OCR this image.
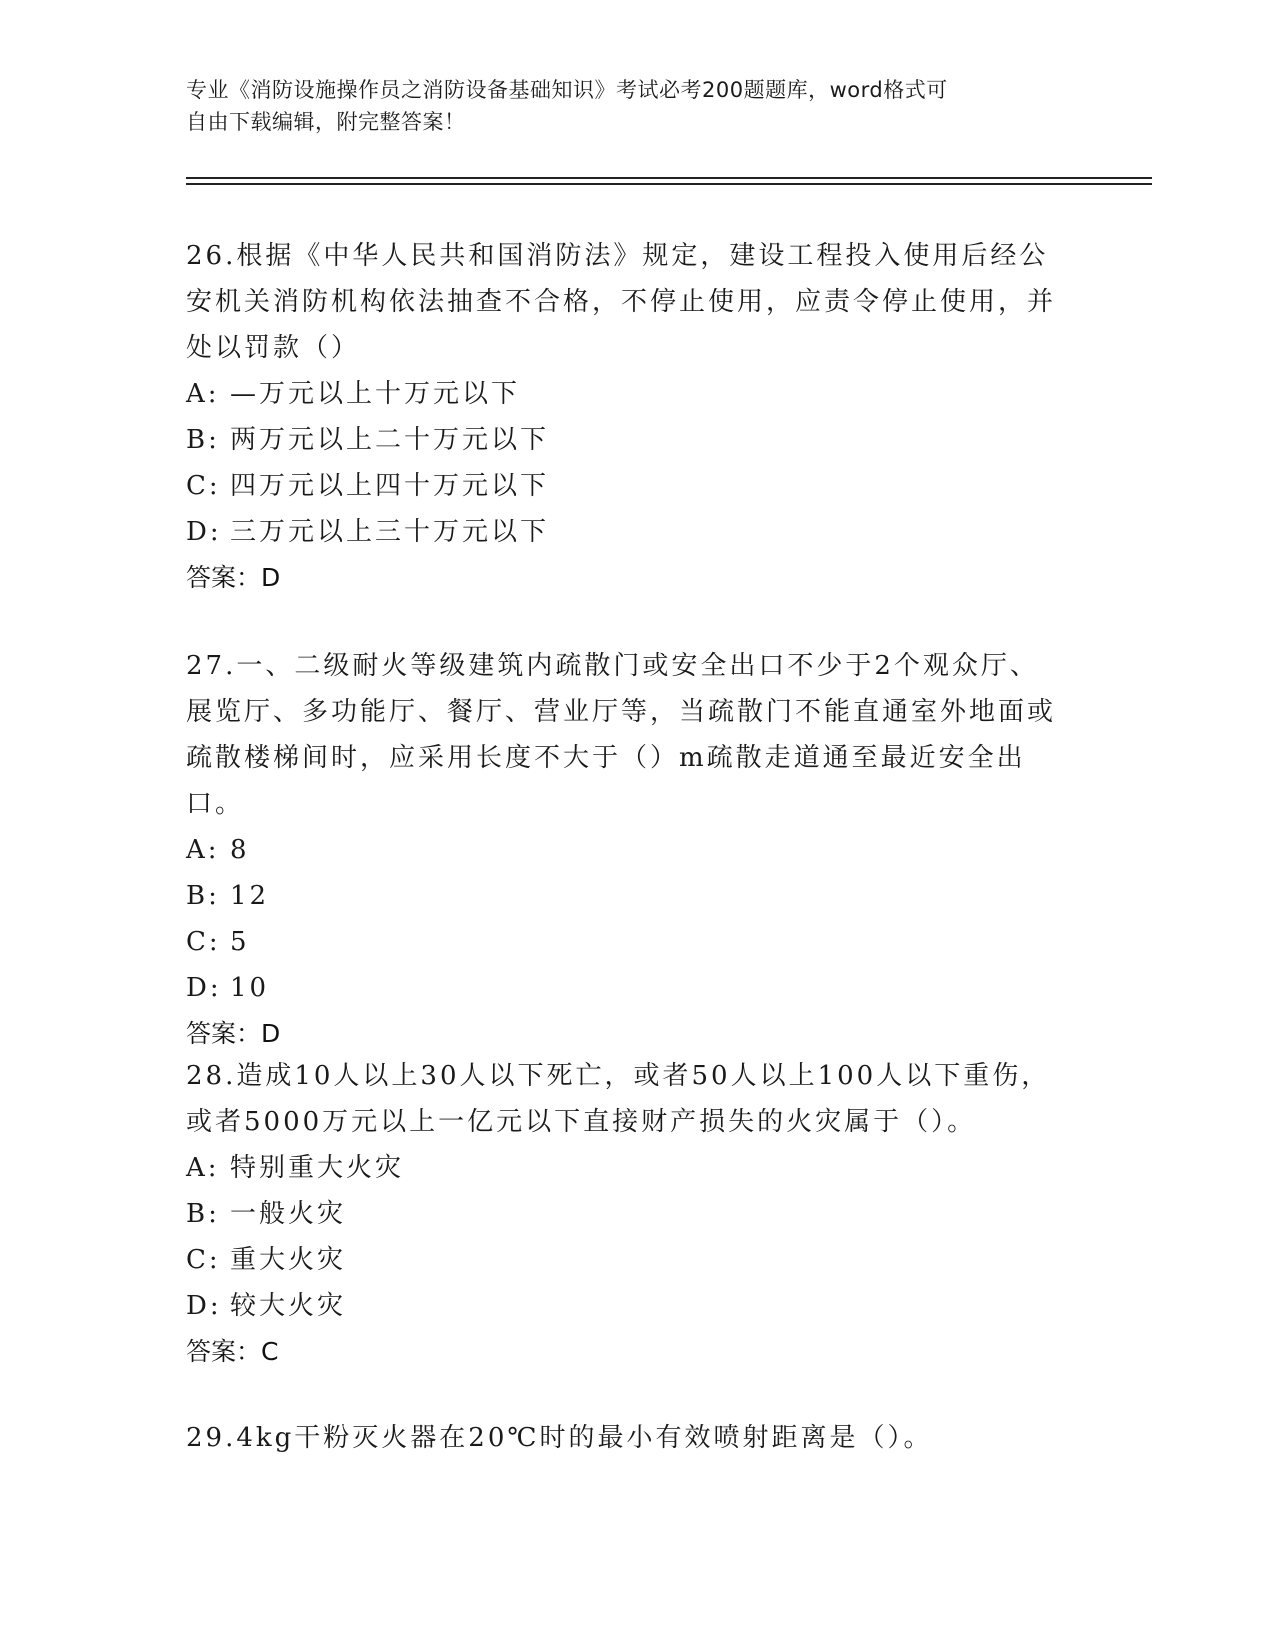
专业《消防设施操作员之消防设备基础知识》考试必考200题题库，word格式可
自由下载编辑，附完整答案！

26.根据《中华人民共和国消防法》规定，建设工程投入使用后经公安机关消防机构依法抽查不合格，不停止使用，应责令停止使用，并处以罚款（）

A: —万元以上十万元以下

B: 两万元以上二十万元以下

C: 四万元以上四十万元以下

D: 三万元以上三十万元以下

答案：D

27.一、二级耐火等级建筑内疏散门或安全出口不少于2个观众厅、展览厅、多功能厅、餐厅、营业厅等，当疏散门不能直通室外地面或疏散楼梯间时，应采用长度不大于（）m疏散走道通至最近安全出口。

A: 8

B: 12

C: 5

D: 10

答案：D

28.造成10人以上30人以下死亡，或者50人以上100人以下重伤，或者5000万元以上一亿元以下直接财产损失的火灾属于（）。

A: 特别重大火灾

B: 一般火灾

C: 重大火灾

D: 较大火灾

答案：C

29.4kg干粉灭火器在20℃时的最小有效喷射距离是（）。
